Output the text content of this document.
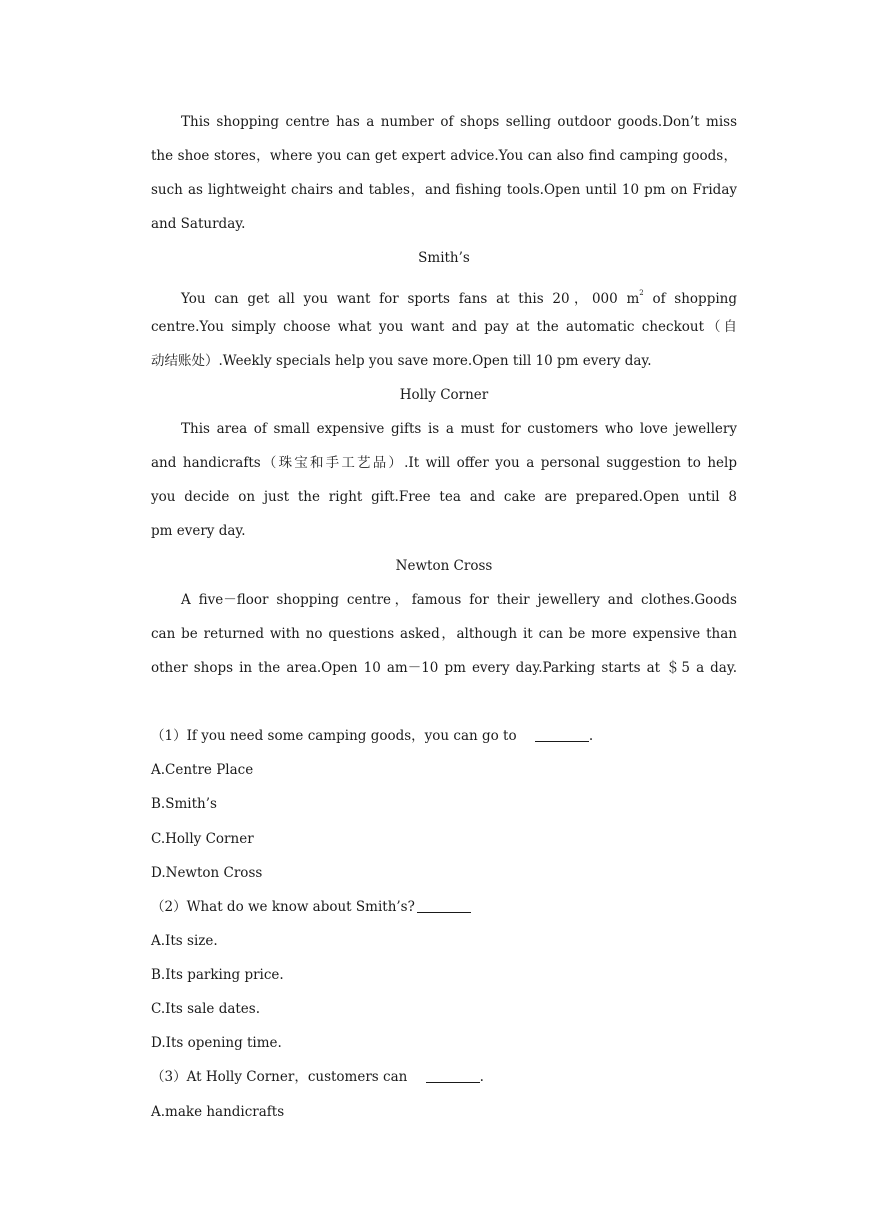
This shopping centre has a number of shops selling outdoor goods.Don’t miss
the shoe stores，where you can get expert advice.You can also find camping goods，
such as lightweight chairs and tables，and fishing tools.Open until 10 pm on Friday
and Saturday.
Smith’s
You can get all you want for sports fans at this 20，000 $m^2$ of shopping
centre.You simply choose what you want and pay at the automatic checkout（自
动结账处）.Weekly specials help you save more.Open till 10 pm every day.
Holly Corner
This area of small expensive gifts is a must for customers who love jewellery
and handicrafts（珠宝和手工艺品）.It will offer you a personal suggestion to help
you decide on just the right gift.Free tea and cake are prepared.Open until 8
pm every day.
Newton Cross
A five－floor shopping centre，famous for their jewellery and clothes.Goods
can be returned with no questions asked，although it can be more expensive than
other shops in the area.Open 10 am－10 pm every day.Parking starts at ＄5 a day.
（1）If you need some camping goods，you can go to	.
A.Centre Place
B.Smith’s
C.Holly Corner
D.Newton Cross
（2）What do we know about Smith’s?
A.Its size.
B.Its parking price.
C.Its sale dates.
D.Its opening time.
（3）At Holly Corner，customers can	.
A.make handicrafts
